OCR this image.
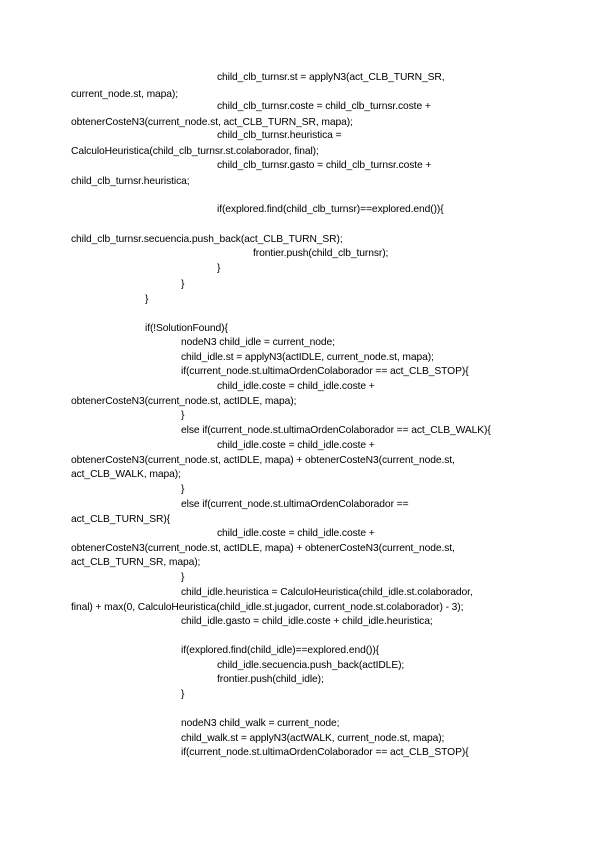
child_clb_turnsr.st = applyN3(act_CLB_TURN_SR,
current_node.st, mapa);
child_clb_turnsr.coste = child_clb_turnsr.coste +
obtenerCosteN3(current_node.st, act_CLB_TURN_SR, mapa);
child_clb_turnsr.heuristica =
CalculoHeuristica(child_clb_turnsr.st.colaborador, final);
child_clb_turnsr.gasto = child_clb_turnsr.coste +
child_clb_turnsr.heuristica;
if(explored.find(child_clb_turnsr)==explored.end()){
child_clb_turnsr.secuencia.push_back(act_CLB_TURN_SR);
frontier.push(child_clb_turnsr);
}
}
}
if(!SolutionFound){
nodeN3 child_idle = current_node;
child_idle.st = applyN3(actIDLE, current_node.st, mapa);
if(current_node.st.ultimaOrdenColaborador == act_CLB_STOP){
child_idle.coste = child_idle.coste +
obtenerCosteN3(current_node.st, actIDLE, mapa);
}
else if(current_node.st.ultimaOrdenColaborador == act_CLB_WALK){
child_idle.coste = child_idle.coste +
obtenerCosteN3(current_node.st, actIDLE, mapa) + obtenerCosteN3(current_node.st,
act_CLB_WALK, mapa);
}
else if(current_node.st.ultimaOrdenColaborador ==
act_CLB_TURN_SR){
child_idle.coste = child_idle.coste +
obtenerCosteN3(current_node.st, actIDLE, mapa) + obtenerCosteN3(current_node.st,
act_CLB_TURN_SR, mapa);
}
child_idle.heuristica = CalculoHeuristica(child_idle.st.colaborador,
final) + max(0, CalculoHeuristica(child_idle.st.jugador, current_node.st.colaborador) - 3);
child_idle.gasto = child_idle.coste + child_idle.heuristica;
if(explored.find(child_idle)==explored.end()){
child_idle.secuencia.push_back(actIDLE);
frontier.push(child_idle);
}
nodeN3 child_walk = current_node;
child_walk.st = applyN3(actWALK, current_node.st, mapa);
if(current_node.st.ultimaOrdenColaborador == act_CLB_STOP){
